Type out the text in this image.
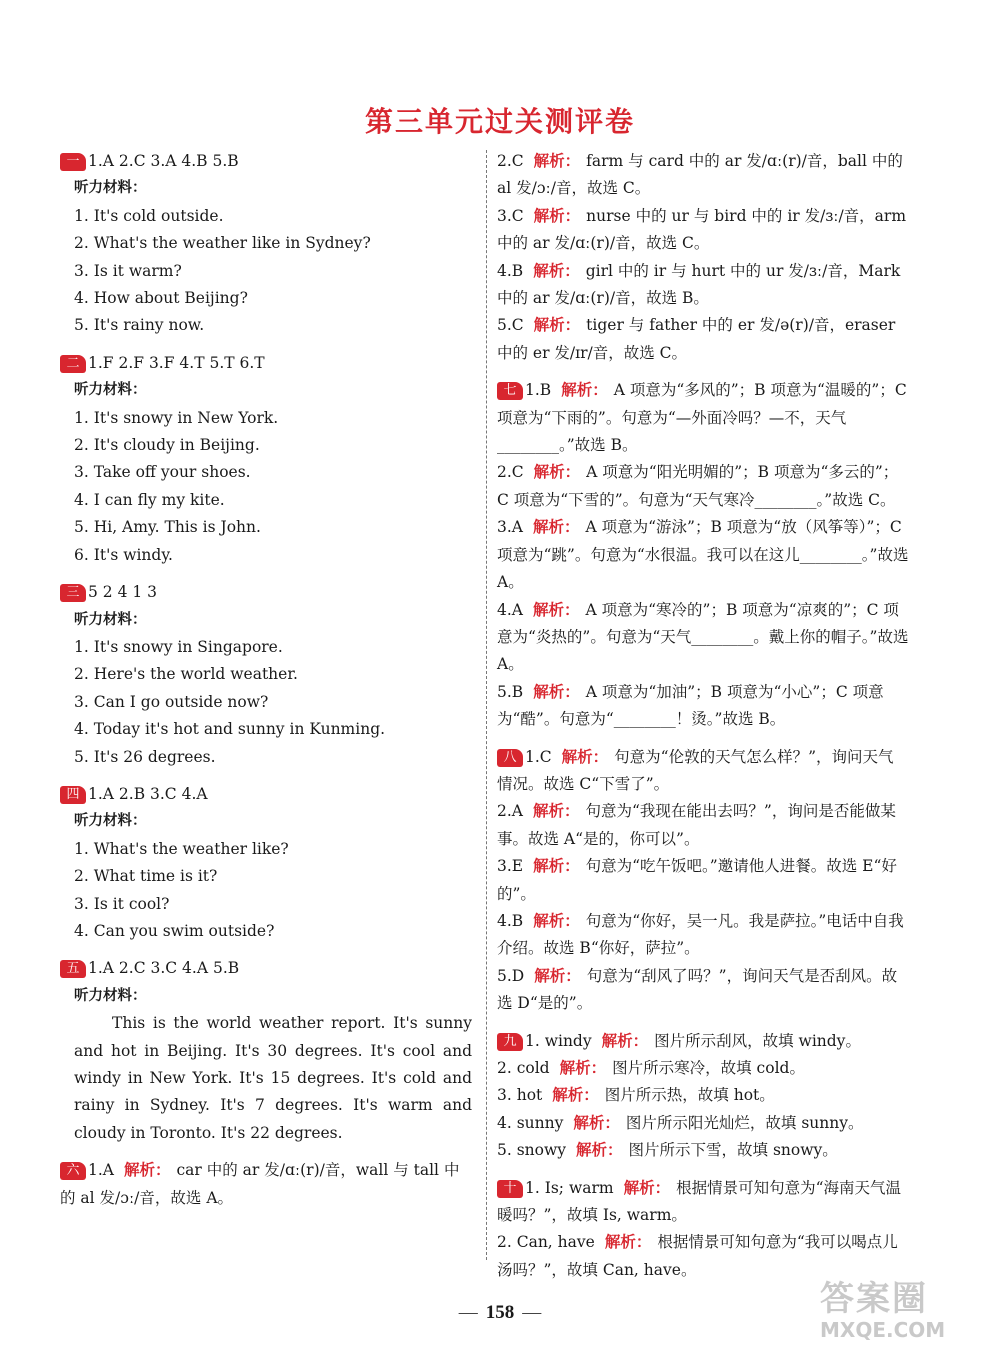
第三单元过关测评卷
一 1.A 2.C 3.A 4.B 5.B
听力材料：
1. It's cold outside.
2. What's the weather like in Sydney?
3. Is it warm?
4. How about Beijing?
5. It's rainy now.
二 1.F 2.F 3.F 4.T 5.T 6.T
听力材料：
1. It's snowy in New York.
2. It's cloudy in Beijing.
3. Take off your shoes.
4. I can fly my kite.
5. Hi, Amy. This is John.
6. It's windy.
三 5 2 4 1 3
听力材料：
1. It's snowy in Singapore.
2. Here's the world weather.
3. Can I go outside now?
4. Today it's hot and sunny in Kunming.
5. It's 26 degrees.
四 1.A 2.B 3.C 4.A
听力材料：
1. What's the weather like?
2. What time is it?
3. Is it cool?
4. Can you swim outside?
五 1.A 2.C 3.C 4.A 5.B
听力材料：
This is the world weather report. It's sunny and hot in Beijing. It's 30 degrees. It's cool and windy in New York. It's 15 degrees. It's cold and rainy in Sydney. It's 7 degrees. It's warm and cloudy in Toronto. It's 22 degrees.
六 1.A 解析： car 中的 ar 发/ɑː(r)/音，wall 与 tall 中的 al 发/ɔː/音，故选 A。
2.C 解析： farm 与 card 中的 ar 发/ɑː(r)/音，ball 中的 al 发/ɔː/音，故选 C。
3.C 解析： nurse 中的 ur 与 bird 中的 ir 发/ɜː/音，arm 中的 ar 发/ɑː(r)/音，故选 C。
4.B 解析： girl 中的 ir 与 hurt 中的 ur 发/ɜː/音，Mark 中的 ar 发/ɑː(r)/音，故选 B。
5.C 解析： tiger 与 father 中的 er 发/ə(r)/音，eraser 中的 er 发/ɪr/音，故选 C。
七 1.B 解析： A 项意为“多风的”；B 项意为“温暖的”；C 项意为“下雨的”。句意为“—外面冷吗？—不，天气________。”故选 B。
2.C 解析： A 项意为“阳光明媚的”；B 项意为“多云的”；C 项意为“下雪的”。句意为“天气寒冷________。”故选 C。
3.A 解析： A 项意为“游泳”；B 项意为“放（风筝等）”；C 项意为“跳”。句意为“水很温。我可以在这儿________。”故选 A。
4.A 解析： A 项意为“寒冷的”；B 项意为“凉爽的”；C 项意为“炎热的”。句意为“天气________。戴上你的帽子。”故选 A。
5.B 解析： A 项意为“加油”；B 项意为“小心”；C 项意为“酷”。句意为“________！烫。”故选 B。
八 1.C 解析： 句意为“伦敦的天气怎么样？”，询问天气情况。故选 C“下雪了”。
2.A 解析： 句意为“我现在能出去吗？”，询问是否能做某事。故选 A“是的，你可以”。
3.E 解析： 句意为“吃午饭吧。”邀请他人进餐。故选 E“好的”。
4.B 解析： 句意为“你好，吴一凡。我是萨拉。”电话中自我介绍。故选 B“你好，萨拉”。
5.D 解析： 句意为“刮风了吗？”，询问天气是否刮风。故选 D“是的”。
九 1. windy 解析： 图片所示刮风，故填 windy。
2. cold 解析： 图片所示寒冷，故填 cold。
3. hot 解析： 图片所示热，故填 hot。
4. sunny 解析： 图片所示阳光灿烂，故填 sunny。
5. snowy 解析： 图片所示下雪，故填 snowy。
十 1. Is; warm 解析： 根据情景可知句意为“海南天气温暖吗？”，故填 Is, warm。
2. Can, have 解析： 根据情景可知句意为“我可以喝点儿汤吗？”，故填 Can, have。
— 158 —	答案圈
MXQE.COM
